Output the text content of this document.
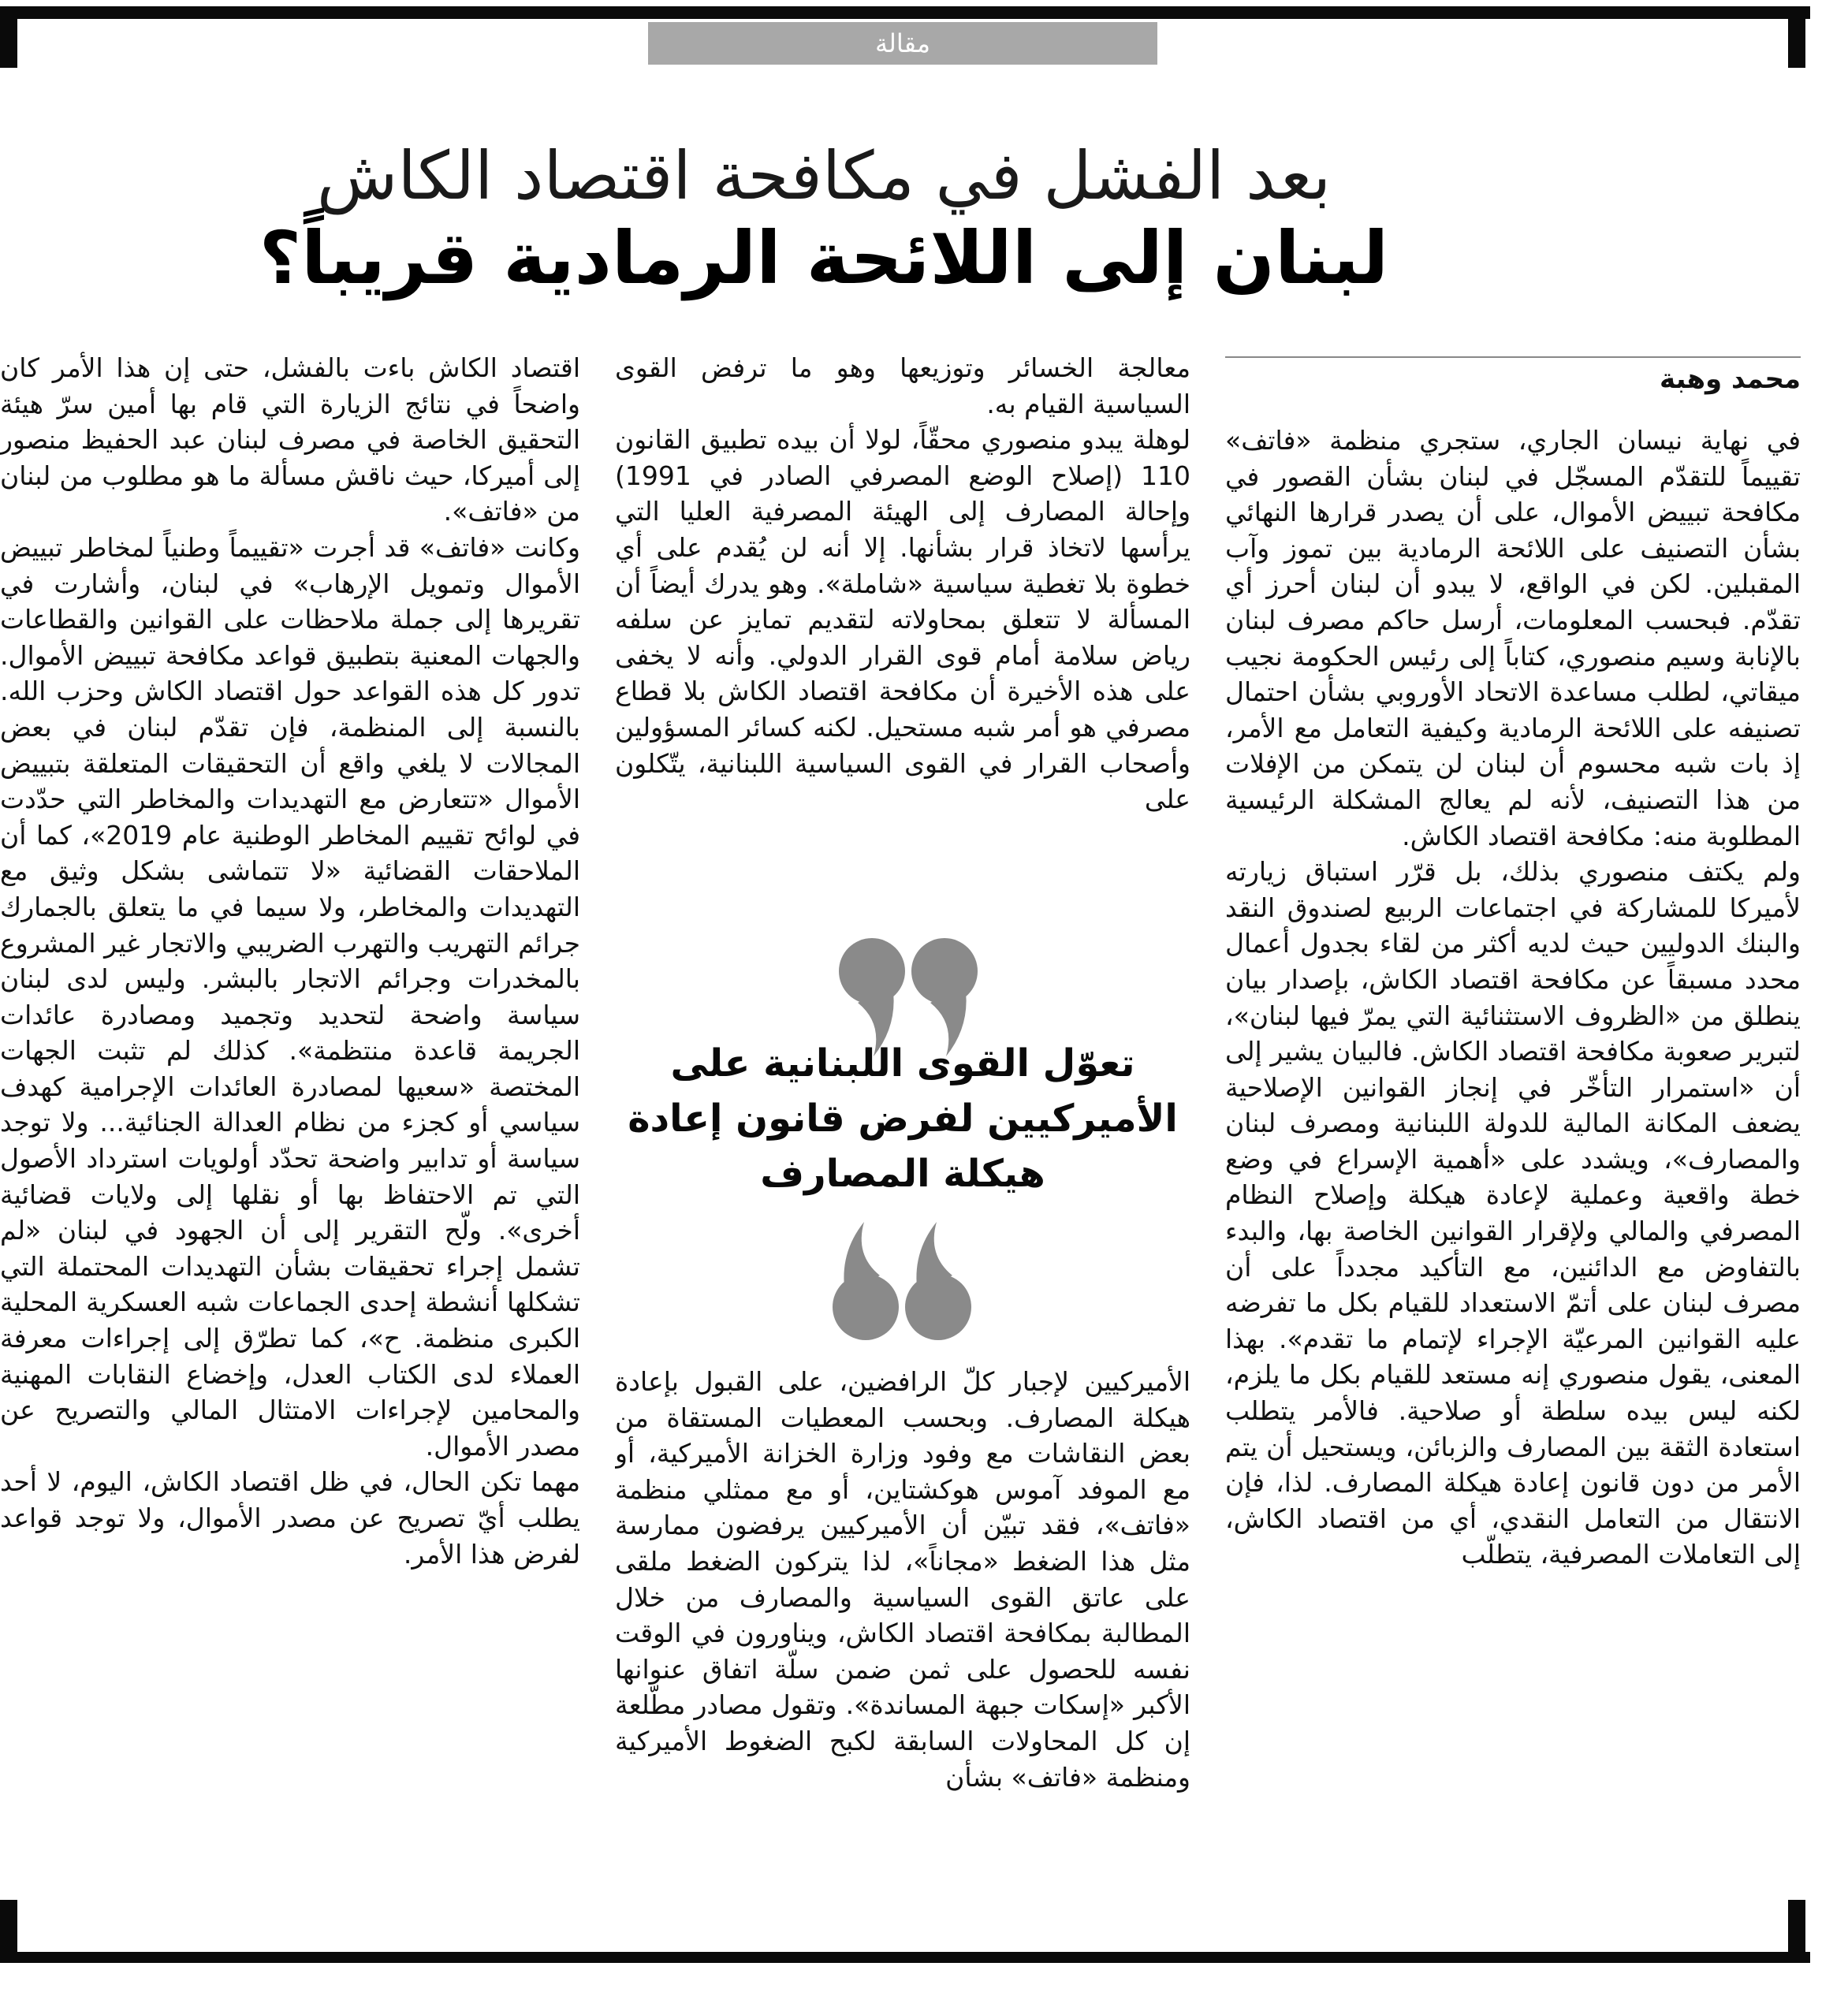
مقالة
بعد الفشل في مكافحة اقتصاد الكاش
لبنان إلى اللائحة الرمادية قريباً؟
محمد وهبة

في نهاية نيسان الجاري، ستجري منظمة «فاتف» تقييماً للتقدّم المسجّل في لبنان بشأن القصور في مكافحة تبييض الأموال، على أن يصدر قرارها النهائي بشأن التصنيف على اللائحة الرمادية بين تموز وآب المقبلين. لكن في الواقع، لا يبدو أن لبنان أحرز أي تقدّم. فبحسب المعلومات، أرسل حاكم مصرف لبنان بالإنابة وسيم منصوري، كتاباً إلى رئيس الحكومة نجيب ميقاتي، لطلب مساعدة الاتحاد الأوروبي بشأن احتمال تصنيفه على اللائحة الرمادية وكيفية التعامل مع الأمر، إذ بات شبه محسوم أن لبنان لن يتمكن من الإفلات من هذا التصنيف، لأنه لم يعالج المشكلة الرئيسية المطلوبة منه: مكافحة اقتصاد الكاش.

ولم يكتف منصوري بذلك، بل قرّر استباق زيارته لأميركا للمشاركة في اجتماعات الربيع لصندوق النقد والبنك الدوليين حيث لديه أكثر من لقاء بجدول أعمال محدد مسبقاً عن مكافحة اقتصاد الكاش، بإصدار بيان ينطلق من «الظروف الاستثنائية التي يمرّ فيها لبنان»، لتبرير صعوبة مكافحة اقتصاد الكاش. فالبيان يشير إلى أن «استمرار التأخّر في إنجاز القوانين الإصلاحية يضعف المكانة المالية للدولة اللبنانية ومصرف لبنان والمصارف»، ويشدد على «أهمية الإسراع في وضع خطة واقعية وعملية لإعادة هيكلة وإصلاح النظام المصرفي والمالي ولإقرار القوانين الخاصة بها، والبدء بالتفاوض مع الدائنين، مع التأكيد مجدداً على أن مصرف لبنان على أتمّ الاستعداد للقيام بكل ما تفرضه عليه القوانين المرعيّة الإجراء لإتمام ما تقدم». بهذا المعنى، يقول منصوري إنه مستعد للقيام بكل ما يلزم، لكنه ليس بيده سلطة أو صلاحية. فالأمر يتطلب استعادة الثقة بين المصارف والزبائن، ويستحيل أن يتم الأمر من دون قانون إعادة هيكلة المصارف. لذا، فإن الانتقال من التعامل النقدي، أي من اقتصاد الكاش، إلى التعاملات المصرفية، يتطلّب

معالجة الخسائر وتوزيعها وهو ما ترفض القوى السياسية القيام به.

لوهلة يبدو منصوري محقّاً، لولا أن بيده تطبيق القانون 110 (إصلاح الوضع المصرفي الصادر في 1991) وإحالة المصارف إلى الهيئة المصرفية العليا التي يرأسها لاتخاذ قرار بشأنها. إلا أنه لن يُقدم على أي خطوة بلا تغطية سياسية «شاملة». وهو يدرك أيضاً أن المسألة لا تتعلق بمحاولاته لتقديم تمايز عن سلفه رياض سلامة أمام قوى القرار الدولي. وأنه لا يخفى على هذه الأخيرة أن مكافحة اقتصاد الكاش بلا قطاع مصرفي هو أمر شبه مستحيل. لكنه كسائر المسؤولين وأصحاب القرار في القوى السياسية اللبنانية، يتّكلون على

تعوّل القوى اللبنانية على الأميركيين لفرض قانون إعادة هيكلة المصارف

الأميركيين لإجبار كلّ الرافضين، على القبول بإعادة هيكلة المصارف. وبحسب المعطيات المستقاة من بعض النقاشات مع وفود وزارة الخزانة الأميركية، أو مع الموفد آموس هوكشتاين، أو مع ممثلي منظمة «فاتف»، فقد تبيّن أن الأميركيين يرفضون ممارسة مثل هذا الضغط «مجاناً»، لذا يتركون الضغط ملقى على عاتق القوى السياسية والمصارف من خلال المطالبة بمكافحة اقتصاد الكاش، ويناورون في الوقت نفسه للحصول على ثمن ضمن سلّة اتفاق عنوانها الأكبر «إسكات جبهة المساندة». وتقول مصادر مطّلعة إن كل المحاولات السابقة لكبح الضغوط الأميركية ومنظمة «فاتف» بشأن

اقتصاد الكاش باءت بالفشل، حتى إن هذا الأمر كان واضحاً في نتائج الزيارة التي قام بها أمين سرّ هيئة التحقيق الخاصة في مصرف لبنان عبد الحفيظ منصور إلى أميركا، حيث ناقش مسألة ما هو مطلوب من لبنان من «فاتف».

وكانت «فاتف» قد أجرت «تقييماً وطنياً لمخاطر تبييض الأموال وتمويل الإرهاب» في لبنان، وأشارت في تقريرها إلى جملة ملاحظات على القوانين والقطاعات والجهات المعنية بتطبيق قواعد مكافحة تبييض الأموال. تدور كل هذه القواعد حول اقتصاد الكاش وحزب الله. بالنسبة إلى المنظمة، فإن تقدّم لبنان في بعض المجالات لا يلغي واقع أن التحقيقات المتعلقة بتبييض الأموال «تتعارض مع التهديدات والمخاطر التي حدّدت في لوائح تقييم المخاطر الوطنية عام 2019»، كما أن الملاحقات القضائية «لا تتماشى بشكل وثيق مع التهديدات والمخاطر، ولا سيما في ما يتعلق بالجمارك جرائم التهريب والتهرب الضريبي والاتجار غير المشروع بالمخدرات وجرائم الاتجار بالبشر. وليس لدى لبنان سياسة واضحة لتحديد وتجميد ومصادرة عائدات الجريمة قاعدة منتظمة». كذلك لم تثبت الجهات المختصة «سعيها لمصادرة العائدات الإجرامية كهدف سياسي أو كجزء من نظام العدالة الجنائية... ولا توجد سياسة أو تدابير واضحة تحدّد أولويات استرداد الأصول التي تم الاحتفاظ بها أو نقلها إلى ولايات قضائية أخرى». ولّح التقرير إلى أن الجهود في لبنان «لم تشمل إجراء تحقيقات بشأن التهديدات المحتملة التي تشكلها أنشطة إحدى الجماعات شبه العسكرية المحلية الكبرى منظمة. ح»، كما تطرّق إلى إجراءات معرفة العملاء لدى الكتاب العدل، وإخضاع النقابات المهنية والمحامين لإجراءات الامتثال المالي والتصريح عن مصدر الأموال.

مهما تكن الحال، في ظل اقتصاد الكاش، اليوم، لا أحد يطلب أيّ تصريح عن مصدر الأموال، ولا توجد قواعد لفرض هذا الأمر.
